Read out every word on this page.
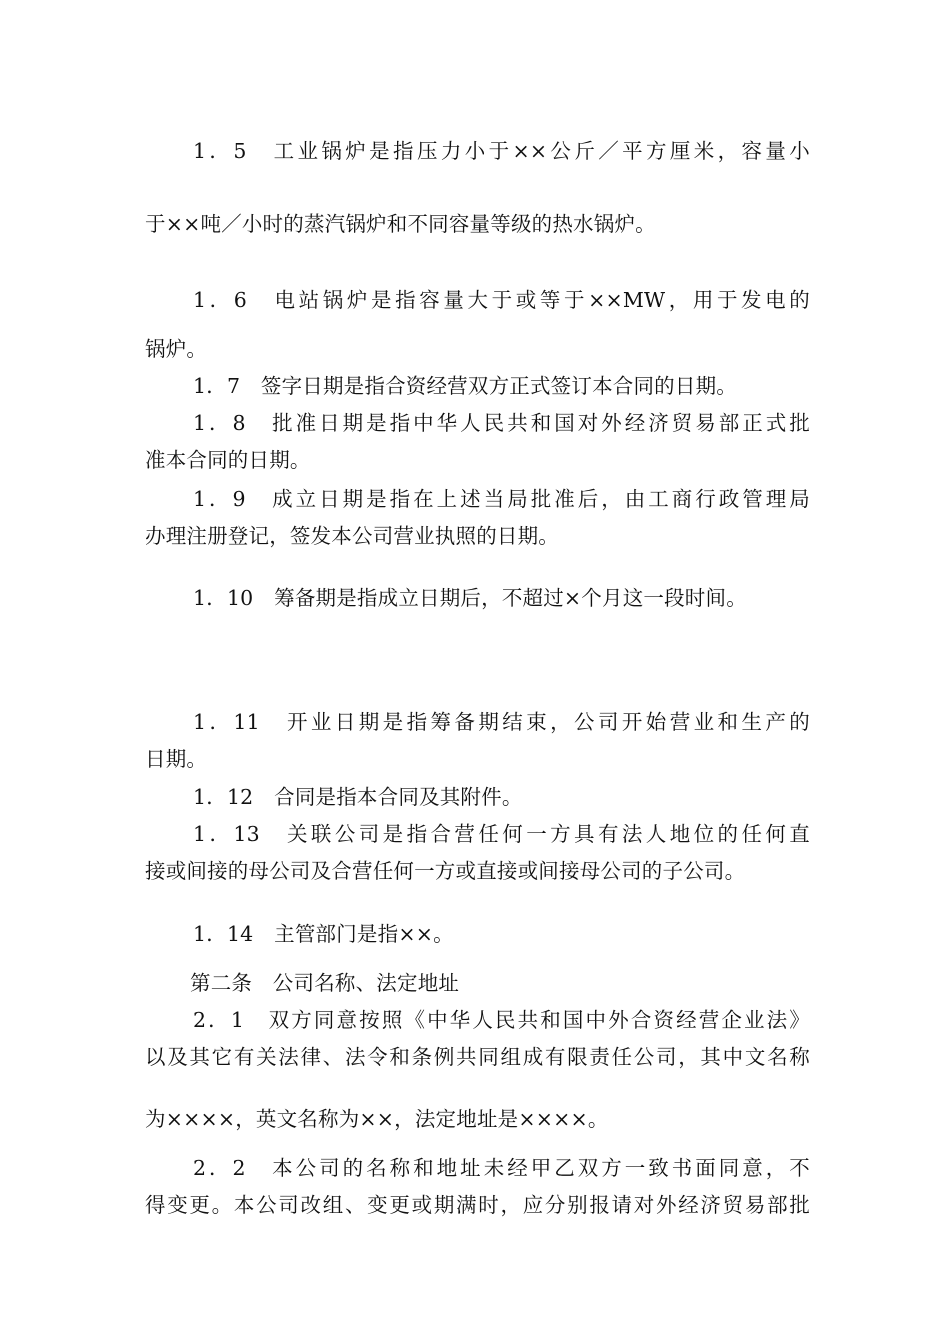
1．5　工业锅炉是指压力小于××公斤／平方厘米，容量小
于××吨／小时的蒸汽锅炉和不同容量等级的热水锅炉。
1．6　电站锅炉是指容量大于或等于××MW，用于发电的
锅炉。
1．7　签字日期是指合资经营双方正式签订本合同的日期。
1．8　批准日期是指中华人民共和国对外经济贸易部正式批
准本合同的日期。
1．9　成立日期是指在上述当局批准后，由工商行政管理局
办理注册登记，签发本公司营业执照的日期。
1．10　筹备期是指成立日期后，不超过×个月这一段时间。
1．11　开业日期是指筹备期结束，公司开始营业和生产的
日期。
1．12　合同是指本合同及其附件。
1．13　关联公司是指合营任何一方具有法人地位的任何直
接或间接的母公司及合营任何一方或直接或间接母公司的子公司。
1．14　主管部门是指××。
第二条　公司名称、法定地址
2．1　双方同意按照《中华人民共和国中外合资经营企业法》
以及其它有关法律、法令和条例共同组成有限责任公司，其中文名称
为××××，英文名称为××，法定地址是××××。
2．2　本公司的名称和地址未经甲乙双方一致书面同意，不
得变更。本公司改组、变更或期满时，应分别报请对外经济贸易部批
